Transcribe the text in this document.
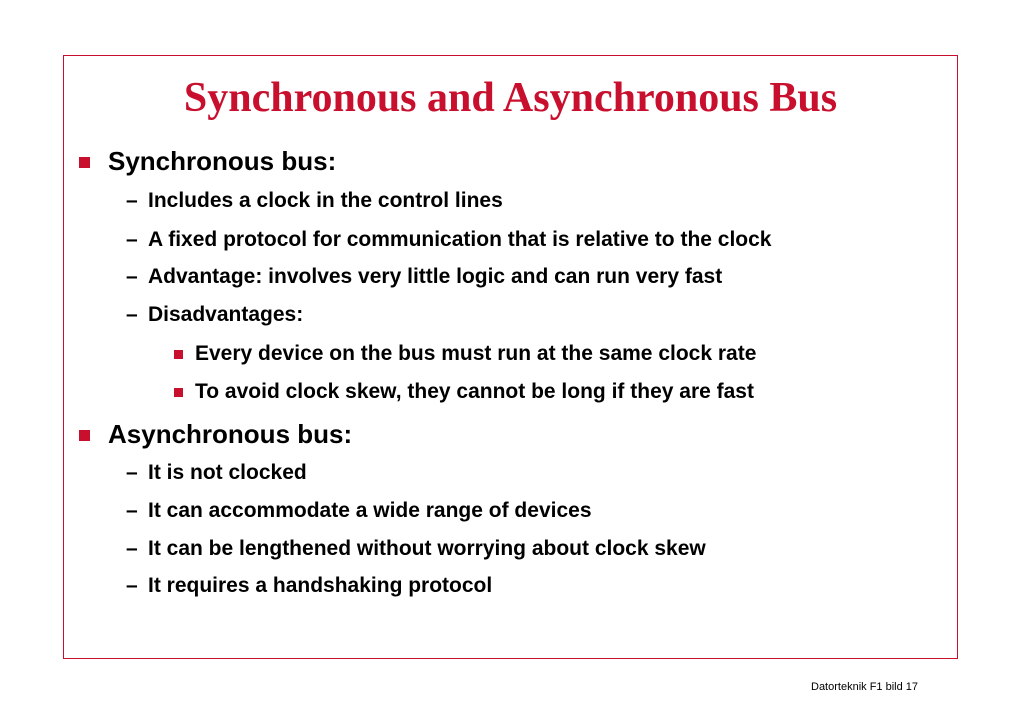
Synchronous and Asynchronous Bus
Synchronous bus:
– Includes a clock in the control lines
– A fixed protocol for communication that is relative to the clock
– Advantage: involves very little logic and can run very fast
– Disadvantages:
Every device on the bus must run at the same clock rate
To avoid clock skew, they cannot be long if they are fast
Asynchronous bus:
– It is not clocked
– It can accommodate a wide range of devices
– It can be lengthened without worrying about clock skew
– It requires a handshaking protocol
Datorteknik F1 bild 17
